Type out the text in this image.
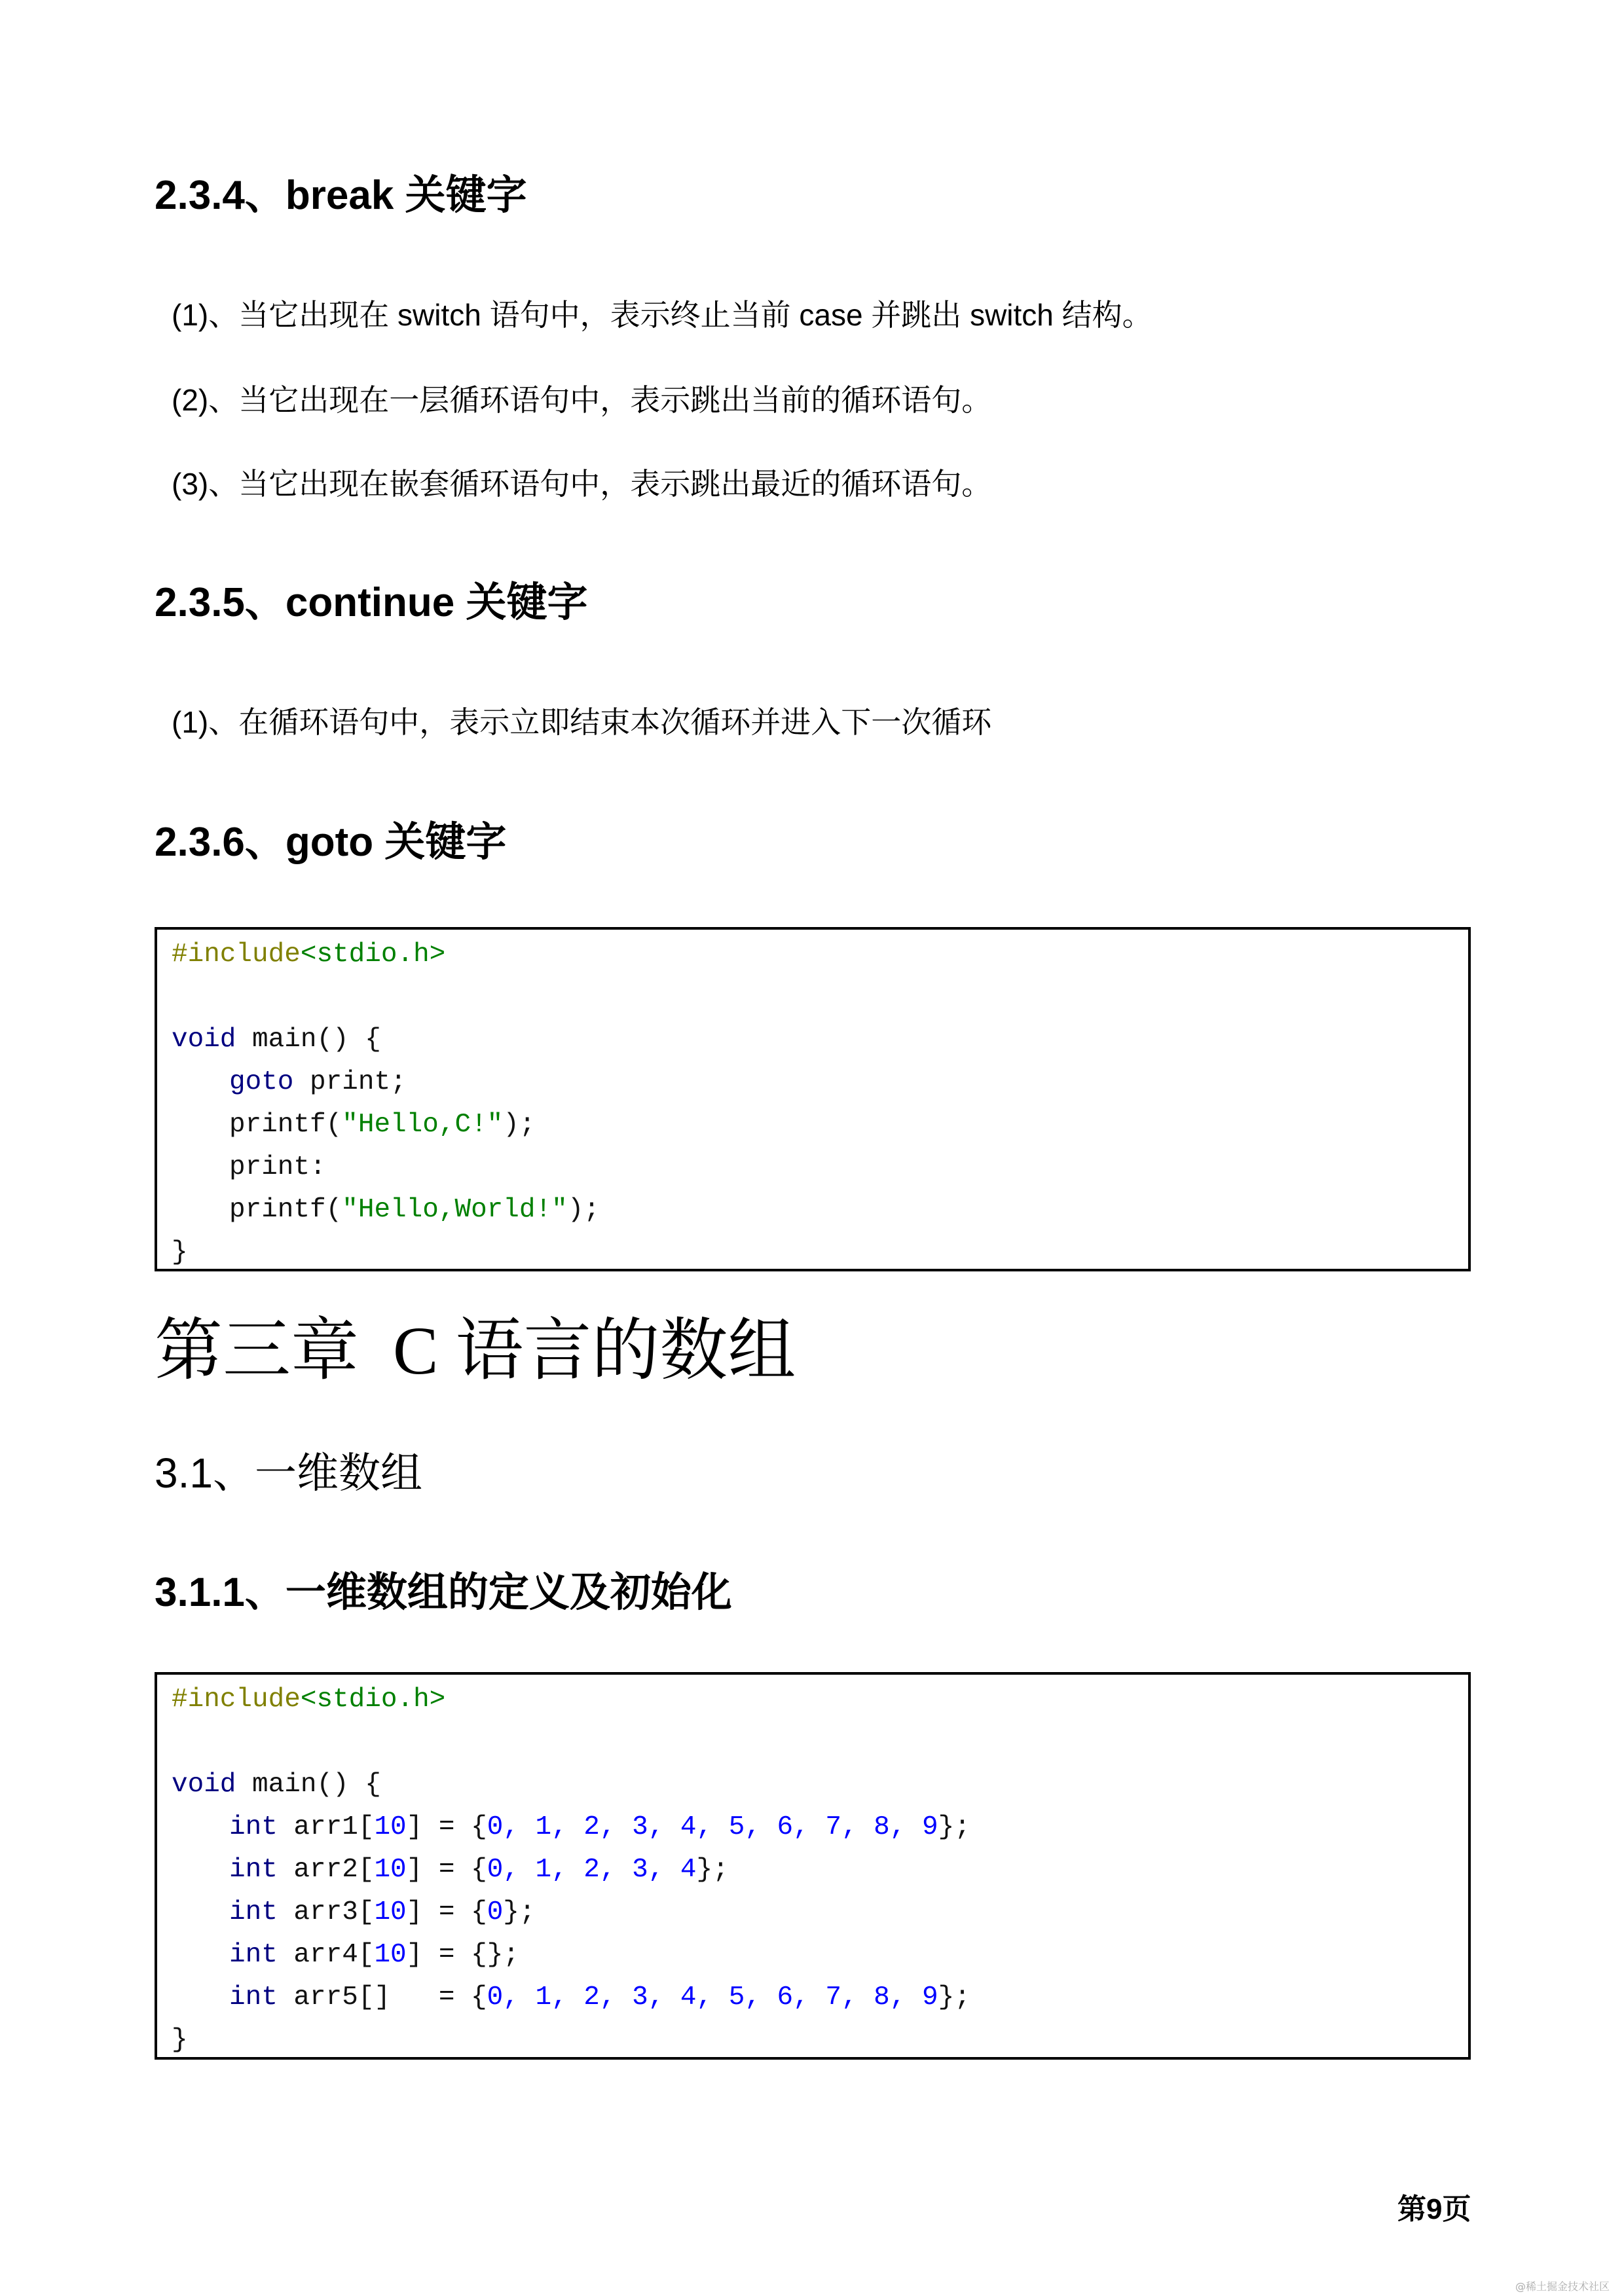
2.3.4、break 关键字
(1)、当它出现在 switch 语句中，表示终止当前 case 并跳出 switch 结构。
(2)、当它出现在一层循环语句中，表示跳出当前的循环语句。
(3)、当它出现在嵌套循环语句中，表示跳出最近的循环语句。
2.3.5、continue 关键字
(1)、在循环语句中，表示立即结束本次循环并进入下一次循环
2.3.6、goto 关键字
#include<stdio.h>
void main() {
goto print;
printf("Hello,C!");
print:
printf("Hello,World!");
}
第三章  C 语言的数组
3.1、一维数组
3.1.1、一维数组的定义及初始化
#include<stdio.h>
void main() {
int arr1[10] = {0, 1, 2, 3, 4, 5, 6, 7, 8, 9};
int arr2[10] = {0, 1, 2, 3, 4};
int arr3[10] = {0};
int arr4[10] = {};
int arr5[]   = {0, 1, 2, 3, 4, 5, 6, 7, 8, 9};
}
第9页
@稀土掘金技术社区
